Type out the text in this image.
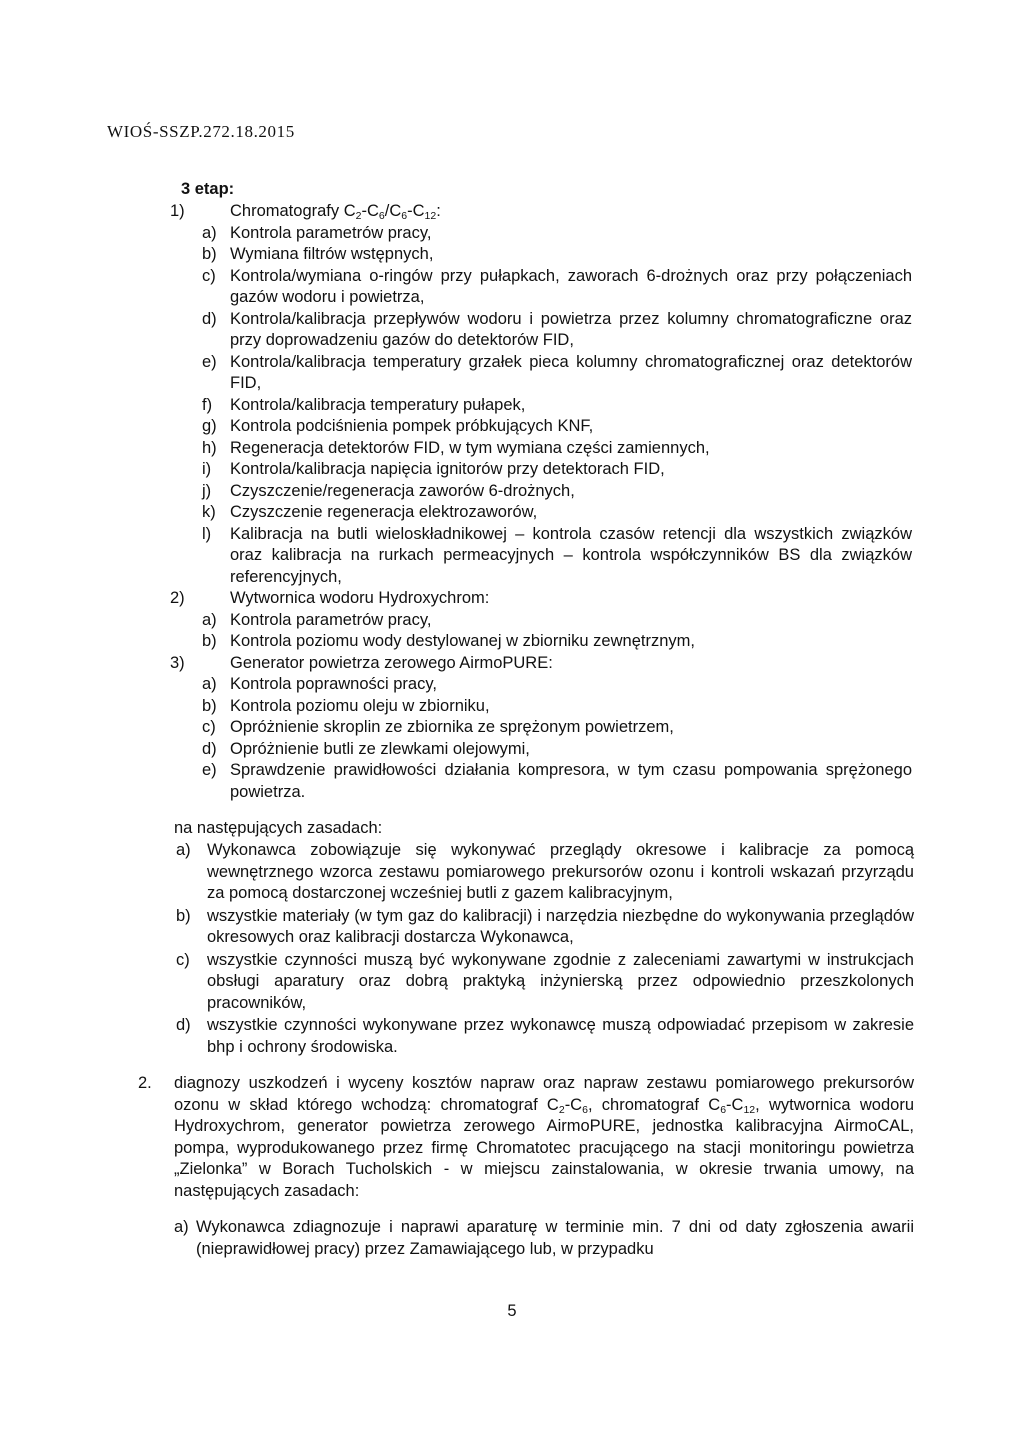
WIOŚ-SSZP.272.18.2015
3 etap:
1)	Chromatografy $C_2-C_6/C_6-C_{12}$:
a) Kontrola parametrów pracy,
b) Wymiana filtrów wstępnych,
c) Kontrola/wymiana o-ringów przy pułapkach, zaworach 6-drożnych oraz przy połączeniach gazów wodoru i powietrza,
d) Kontrola/kalibracja przepływów wodoru i powietrza przez kolumny chromatograficzne oraz przy doprowadzeniu gazów do detektorów FID,
e) Kontrola/kalibracja temperatury grzałek pieca kolumny chromatograficznej oraz detektorów FID,
f) Kontrola/kalibracja temperatury pułapek,
g) Kontrola podciśnienia pompek próbkujących KNF,
h) Regeneracja detektorów FID, w tym wymiana części zamiennych,
i) Kontrola/kalibracja napięcia ignitorów przy detektorach FID,
j) Czyszczenie/regeneracja zaworów 6-drożnych,
k) Czyszczenie regeneracja elektrozaworów,
l) Kalibracja na butli wieloskładnikowej – kontrola czasów retencji dla wszystkich związków oraz kalibracja na rurkach permeacyjnych – kontrola współczynników BS dla związków referencyjnych,
2)	Wytwornica wodoru Hydroxychrom:
a) Kontrola parametrów pracy,
b) Kontrola poziomu wody destylowanej w zbiorniku zewnętrznym,
3)	Generator powietrza zerowego AirmoPURE:
a) Kontrola poprawności pracy,
b) Kontrola poziomu oleju w zbiorniku,
c) Opróżnienie skroplin ze zbiornika ze sprężonym powietrzem,
d) Opróżnienie butli ze zlewkami olejowymi,
e) Sprawdzenie prawidłowości działania kompresora, w tym czasu pompowania sprężonego powietrza.
na następujących zasadach:
a) Wykonawca zobowiązuje się wykonywać przeglądy okresowe i kalibracje za pomocą wewnętrznego wzorca zestawu pomiarowego prekursorów ozonu i kontroli wskazań przyrządu za pomocą dostarczonej wcześniej butli z gazem kalibracyjnym,
b) wszystkie materiały (w tym gaz do kalibracji) i narzędzia niezbędne do wykonywania przeglądów okresowych oraz kalibracji dostarcza Wykonawca,
c) wszystkie czynności muszą być wykonywane zgodnie z zaleceniami zawartymi w instrukcjach obsługi aparatury oraz dobrą praktyką inżynierską przez odpowiednio przeszkolonych pracowników,
d) wszystkie czynności wykonywane przez wykonawcę muszą odpowiadać przepisom w zakresie bhp i ochrony środowiska.
2.	diagnozy uszkodzeń i wyceny kosztów napraw oraz napraw zestawu pomiarowego prekursorów ozonu w skład którego wchodzą: chromatograf $C_2-C_6$, chromatograf $C_6-C_{12}$, wytwornica wodoru Hydroxychrom, generator powietrza zerowego AirmoPURE, jednostka kalibracyjna AirmoCAL, pompa, wyprodukowanego przez firmę Chromatotec pracującego na stacji monitoringu powietrza „Zielonka” w Borach Tucholskich - w miejscu zainstalowania, w okresie trwania umowy, na następujących zasadach:
a) Wykonawca zdiagnozuje i naprawi aparaturę w terminie min. 7 dni od daty zgłoszenia awarii (nieprawidłowej pracy) przez Zamawiającego lub, w przypadku
5
